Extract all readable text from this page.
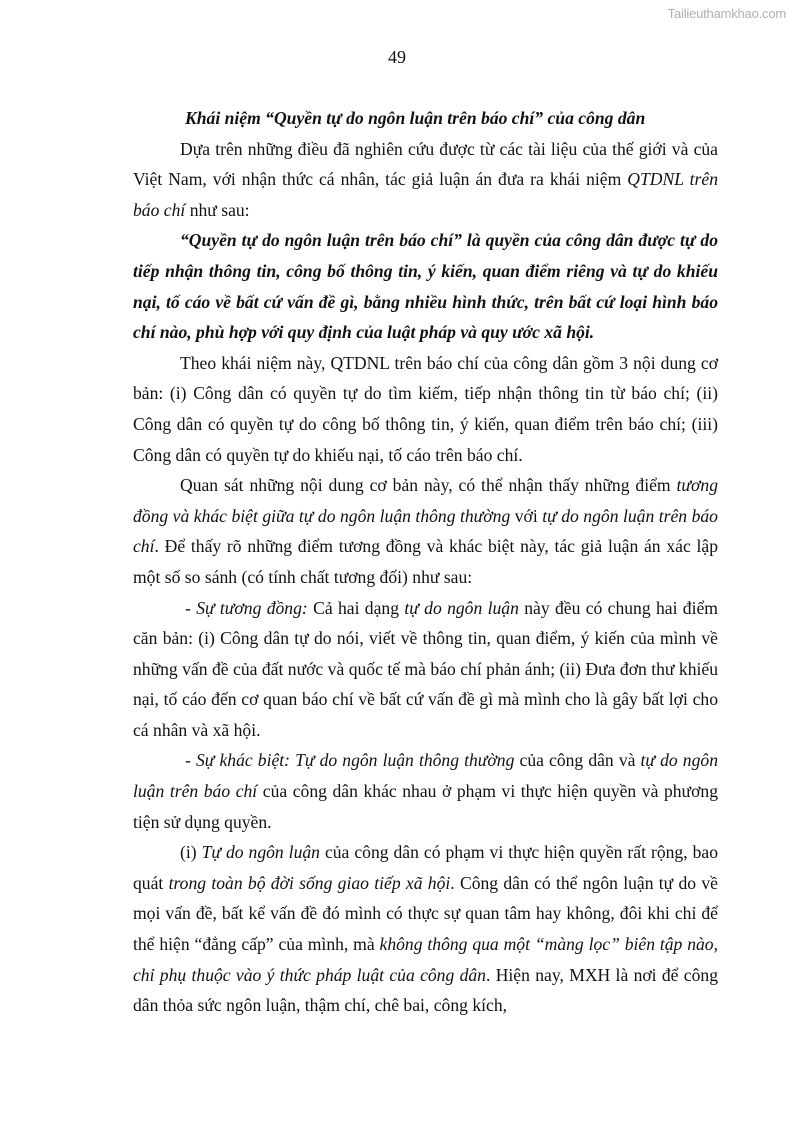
Tailieuthamkhao.com
49

Khái niệm “Quyền tự do ngôn luận trên báo chí” của công dân

Dựa trên những điều đã nghiên cứu được từ các tài liệu của thế giới và của Việt Nam, với nhận thức cá nhân, tác giả luận án đưa ra khái niệm QTDNL trên báo chí như sau:

“Quyền tự do ngôn luận trên báo chí” là quyền của công dân được tự do tiếp nhận thông tin, công bố thông tin, ý kiến, quan điểm riêng và tự do khiếu nại, tố cáo về bất cứ vấn đề gì, bằng nhiều hình thức, trên bất cứ loại hình báo chí nào, phù hợp với quy định của luật pháp và quy ước xã hội.

Theo khái niệm này, QTDNL trên báo chí của công dân gồm 3 nội dung cơ bản: (i) Công dân có quyền tự do tìm kiếm, tiếp nhận thông tin từ báo chí; (ii) Công dân có quyền tự do công bố thông tin, ý kiến, quan điểm trên báo chí; (iii) Công dân có quyền tự do khiếu nại, tố cáo trên báo chí.

Quan sát những nội dung cơ bản này, có thể nhận thấy những điểm tương đồng và khác biệt giữa tự do ngôn luận thông thường với tự do ngôn luận trên báo chí. Để thấy rõ những điểm tương đồng và khác biệt này, tác giả luận án xác lập một số so sánh (có tính chất tương đối) như sau:

- Sự tương đồng: Cả hai dạng tự do ngôn luận này đều có chung hai điểm căn bản: (i) Công dân tự do nói, viết về thông tin, quan điểm, ý kiến của mình về những vấn đề của đất nước và quốc tế mà báo chí phản ánh; (ii) Đưa đơn thư khiếu nại, tố cáo đến cơ quan báo chí về bất cứ vấn đề gì mà mình cho là gây bất lợi cho cá nhân và xã hội.

- Sự khác biệt: Tự do ngôn luận thông thường của công dân và tự do ngôn luận trên báo chí của công dân khác nhau ở phạm vi thực hiện quyền và phương tiện sử dụng quyền.

(i) Tự do ngôn luận của công dân có phạm vi thực hiện quyền rất rộng, bao quát trong toàn bộ đời sống giao tiếp xã hội. Công dân có thể ngôn luận tự do về mọi vấn đề, bất kể vấn đề đó mình có thực sự quan tâm hay không, đôi khi chỉ để thể hiện “đẳng cấp” của mình, mà không thông qua một “màng lọc” biên tập nào, chỉ phụ thuộc vào ý thức pháp luật của công dân. Hiện nay, MXH là nơi để công dân thỏa sức ngôn luận, thậm chí, chê bai, công kích,
